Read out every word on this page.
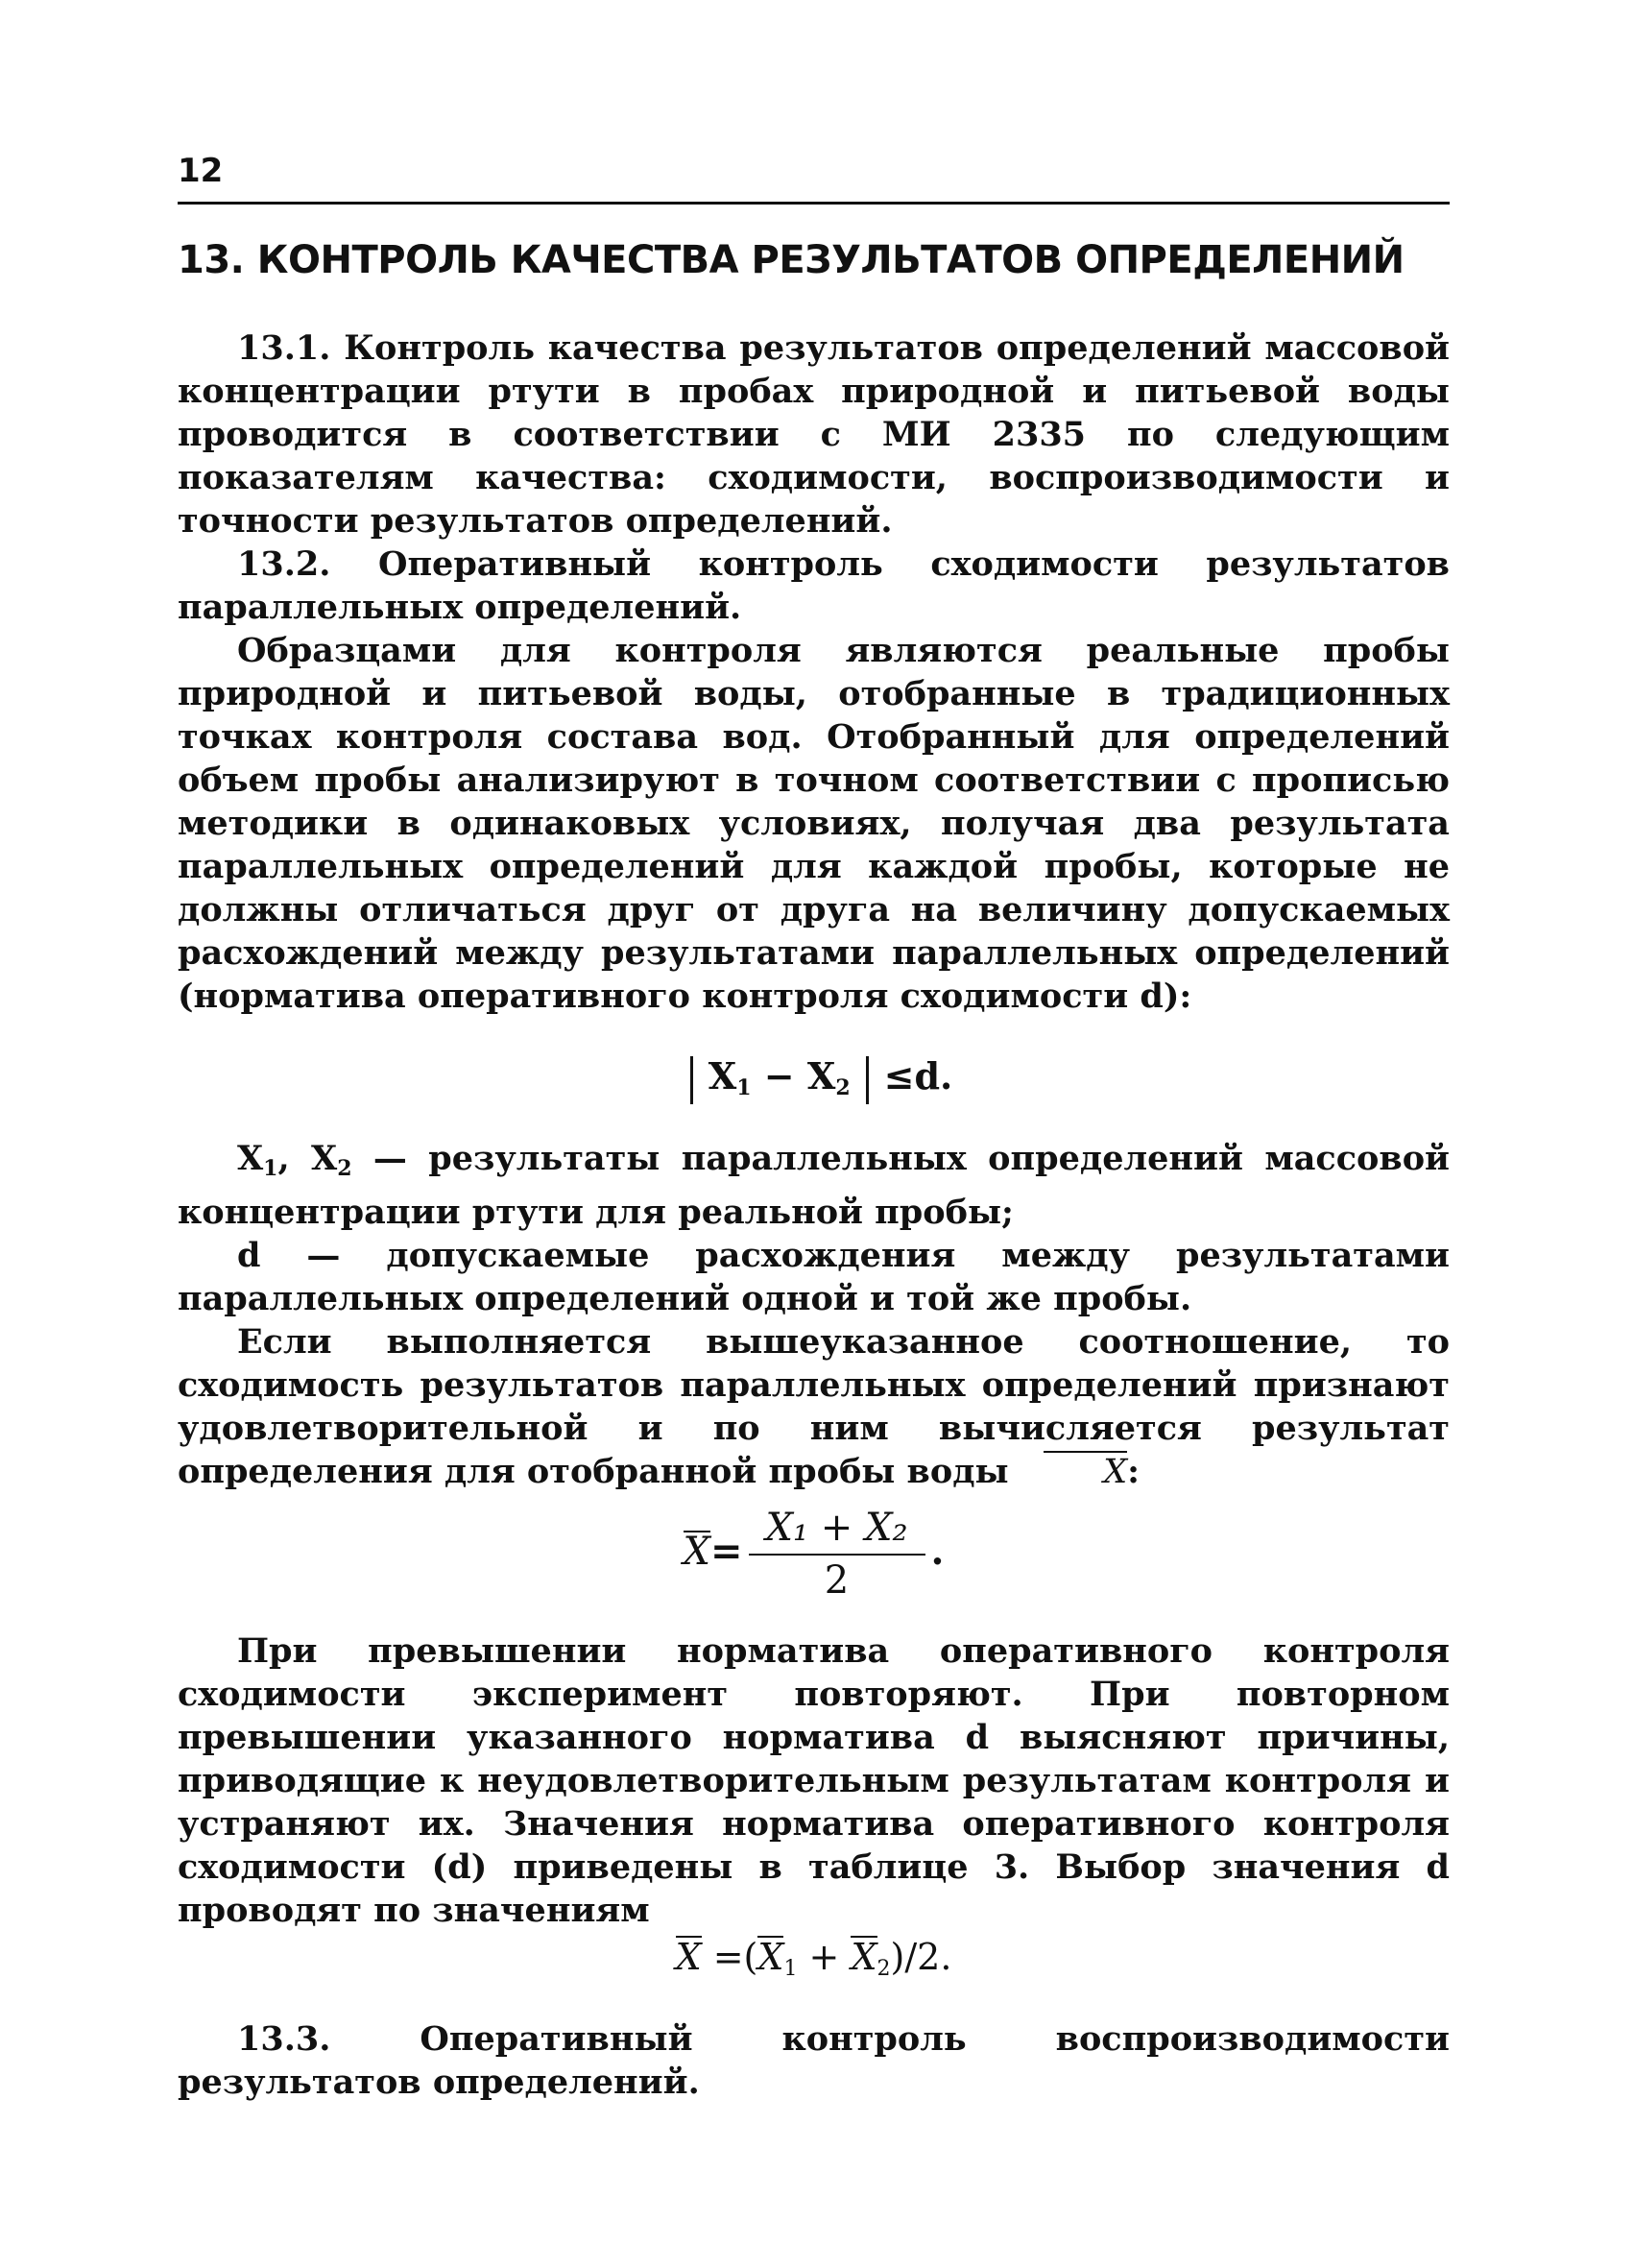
12
13. КОНТРОЛЬ КАЧЕСТВА РЕЗУЛЬТАТОВ ОПРЕДЕЛЕНИЙ

13.1. Контроль качества результатов определений массовой концентрации ртути в пробах природной и питьевой воды проводится в соответствии с МИ 2335 по следующим показателям качества: сходимости, воспроизводимости и точности результатов определений.

13.2. Оперативный контроль сходимости результатов параллельных определений.

Образцами для контроля являются реальные пробы природной и питьевой воды, отобранные в традиционных точках контроля состава вод. Отобранный для определений объем пробы анализируют в точном соответствии с прописью методики в одинаковых условиях, получая два результата параллельных определений для каждой пробы, которые не должны отличаться друг от друга на величину допускаемых расхождений между результатами параллельных определений (норматива оперативного контроля сходимости d):

$X_1 - X_2 \le d$.

$X_1$, $X_2$ — результаты параллельных определений массовой концентрации ртути для реальной пробы;

d — допускаемые расхождения между результатами параллельных определений одной и той же пробы.

Если выполняется вышеуказанное соотношение, то сходимость результатов параллельных определений признают удовлетворительной и по ним вычисляется результат определения для отобранной пробы воды	X:

$X= \frac{\text{X₁ + X₂}}{2}$ .

При превышении норматива оперативного контроля сходимости эксперимент повторяют. При повторном превышении указанного норматива d выясняют причины, приводящие к неудовлетворительным результатам контроля и устраняют их. Значения норматива оперативного контроля сходимости (d) приведены в таблице 3. Выбор значения d проводят по значениям

$X =(X_1 + X_2)/2$.

13.3. Оперативный контроль воспроизводимости результатов определений.
